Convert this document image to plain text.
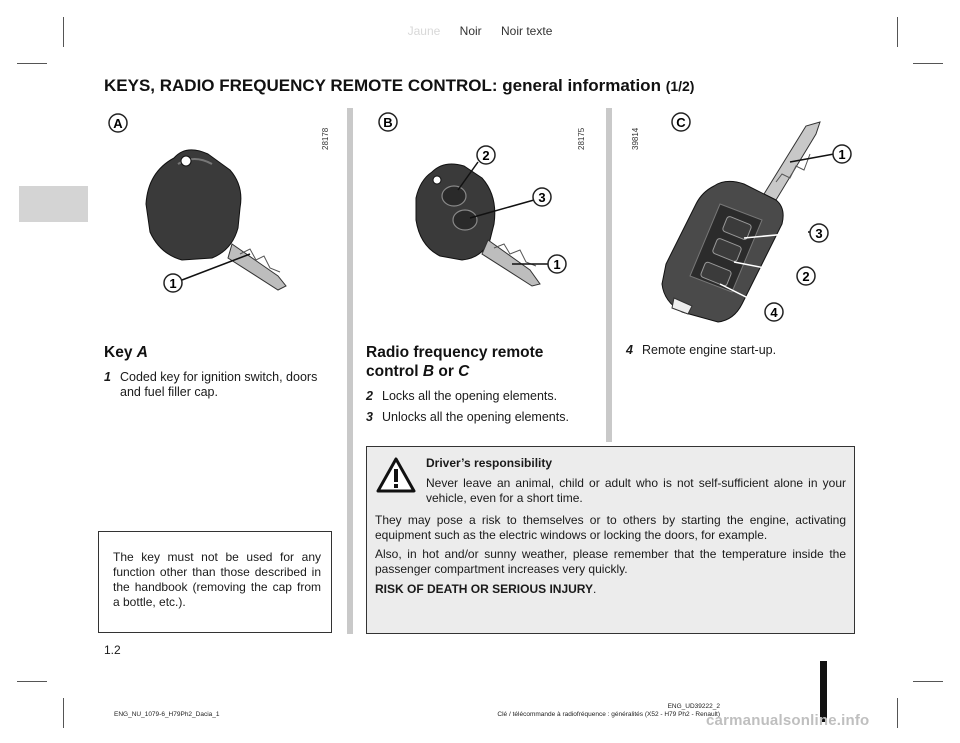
Jaune Noir Noir texte
KEYS, RADIO FREQUENCY REMOTE CONTROL: general information (1/2)
A
1
28178
B
2
3
1
28175	39814
C
1
3
2
4
Key A
1 Coded key for ignition switch, doors and fuel filler cap.
Radio frequency remote
control B or C
2 Locks all the opening elements.
3 Unlocks all the opening elements.
4 Remote engine start-up.

The key must not be used for any function other than those described in the handbook (removing the cap from a bottle, etc.).

Driver’s responsibility

Never leave an animal, child or adult who is not self-sufficient alone in your vehicle, even for a short time.

They may pose a risk to themselves or to others by starting the engine, activating equipment such as the electric windows or locking the doors, for example.

Also, in hot and/or sunny weather, please remember that the temperature inside the passenger compartment increases very quickly.

RISK OF DEATH OR SERIOUS INJURY.

1.2
ENG_NU_1079-6_H79Ph2_Dacia_1
ENG_UD39222_2
Clé / télécommande à radiofréquence : généralités (X52 - H79 Ph2 - Renault)
carmanualsonline.info
